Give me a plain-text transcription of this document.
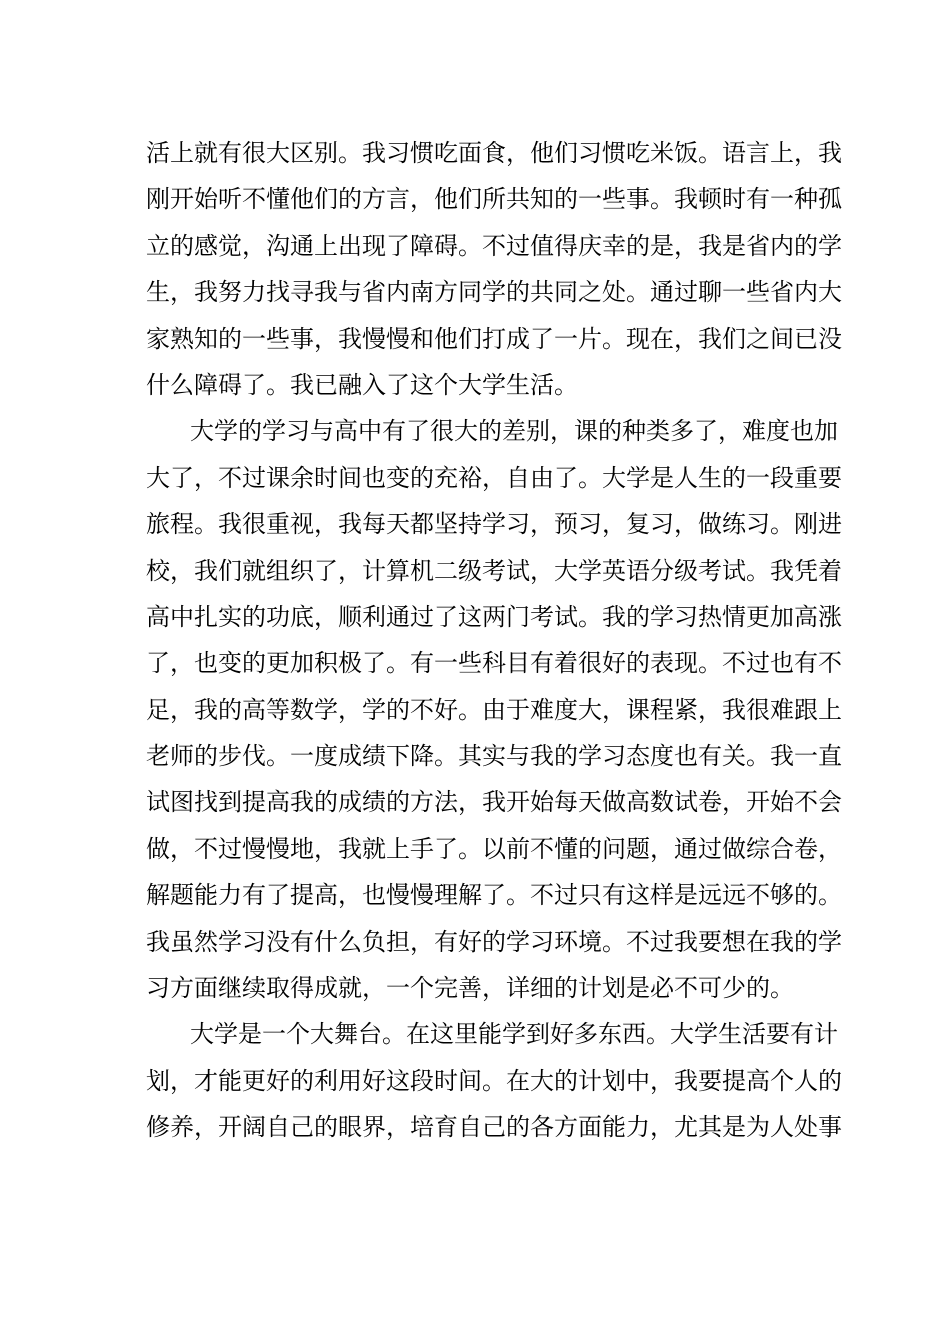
活上就有很大区别。我习惯吃面食，他们习惯吃米饭。语言上，我
刚开始听不懂他们的方言，他们所共知的一些事。我顿时有一种孤
立的感觉，沟通上出现了障碍。不过值得庆幸的是，我是省内的学
生，我努力找寻我与省内南方同学的共同之处。通过聊一些省内大
家熟知的一些事，我慢慢和他们打成了一片。现在，我们之间已没
什么障碍了。我已融入了这个大学生活。
大学的学习与高中有了很大的差别，课的种类多了，难度也加
大了，不过课余时间也变的充裕，自由了。大学是人生的一段重要
旅程。我很重视，我每天都坚持学习，预习，复习，做练习。刚进
校，我们就组织了，计算机二级考试，大学英语分级考试。我凭着
高中扎实的功底，顺利通过了这两门考试。我的学习热情更加高涨
了，也变的更加积极了。有一些科目有着很好的表现。不过也有不
足，我的高等数学，学的不好。由于难度大，课程紧，我很难跟上
老师的步伐。一度成绩下降。其实与我的学习态度也有关。我一直
试图找到提高我的成绩的方法，我开始每天做高数试卷，开始不会
做，不过慢慢地，我就上手了。以前不懂的问题，通过做综合卷，
解题能力有了提高，也慢慢理解了。不过只有这样是远远不够的。
我虽然学习没有什么负担，有好的学习环境。不过我要想在我的学
习方面继续取得成就，一个完善，详细的计划是必不可少的。
大学是一个大舞台。在这里能学到好多东西。大学生活要有计
划，才能更好的利用好这段时间。在大的计划中，我要提高个人的
修养，开阔自己的眼界，培育自己的各方面能力，尤其是为人处事
